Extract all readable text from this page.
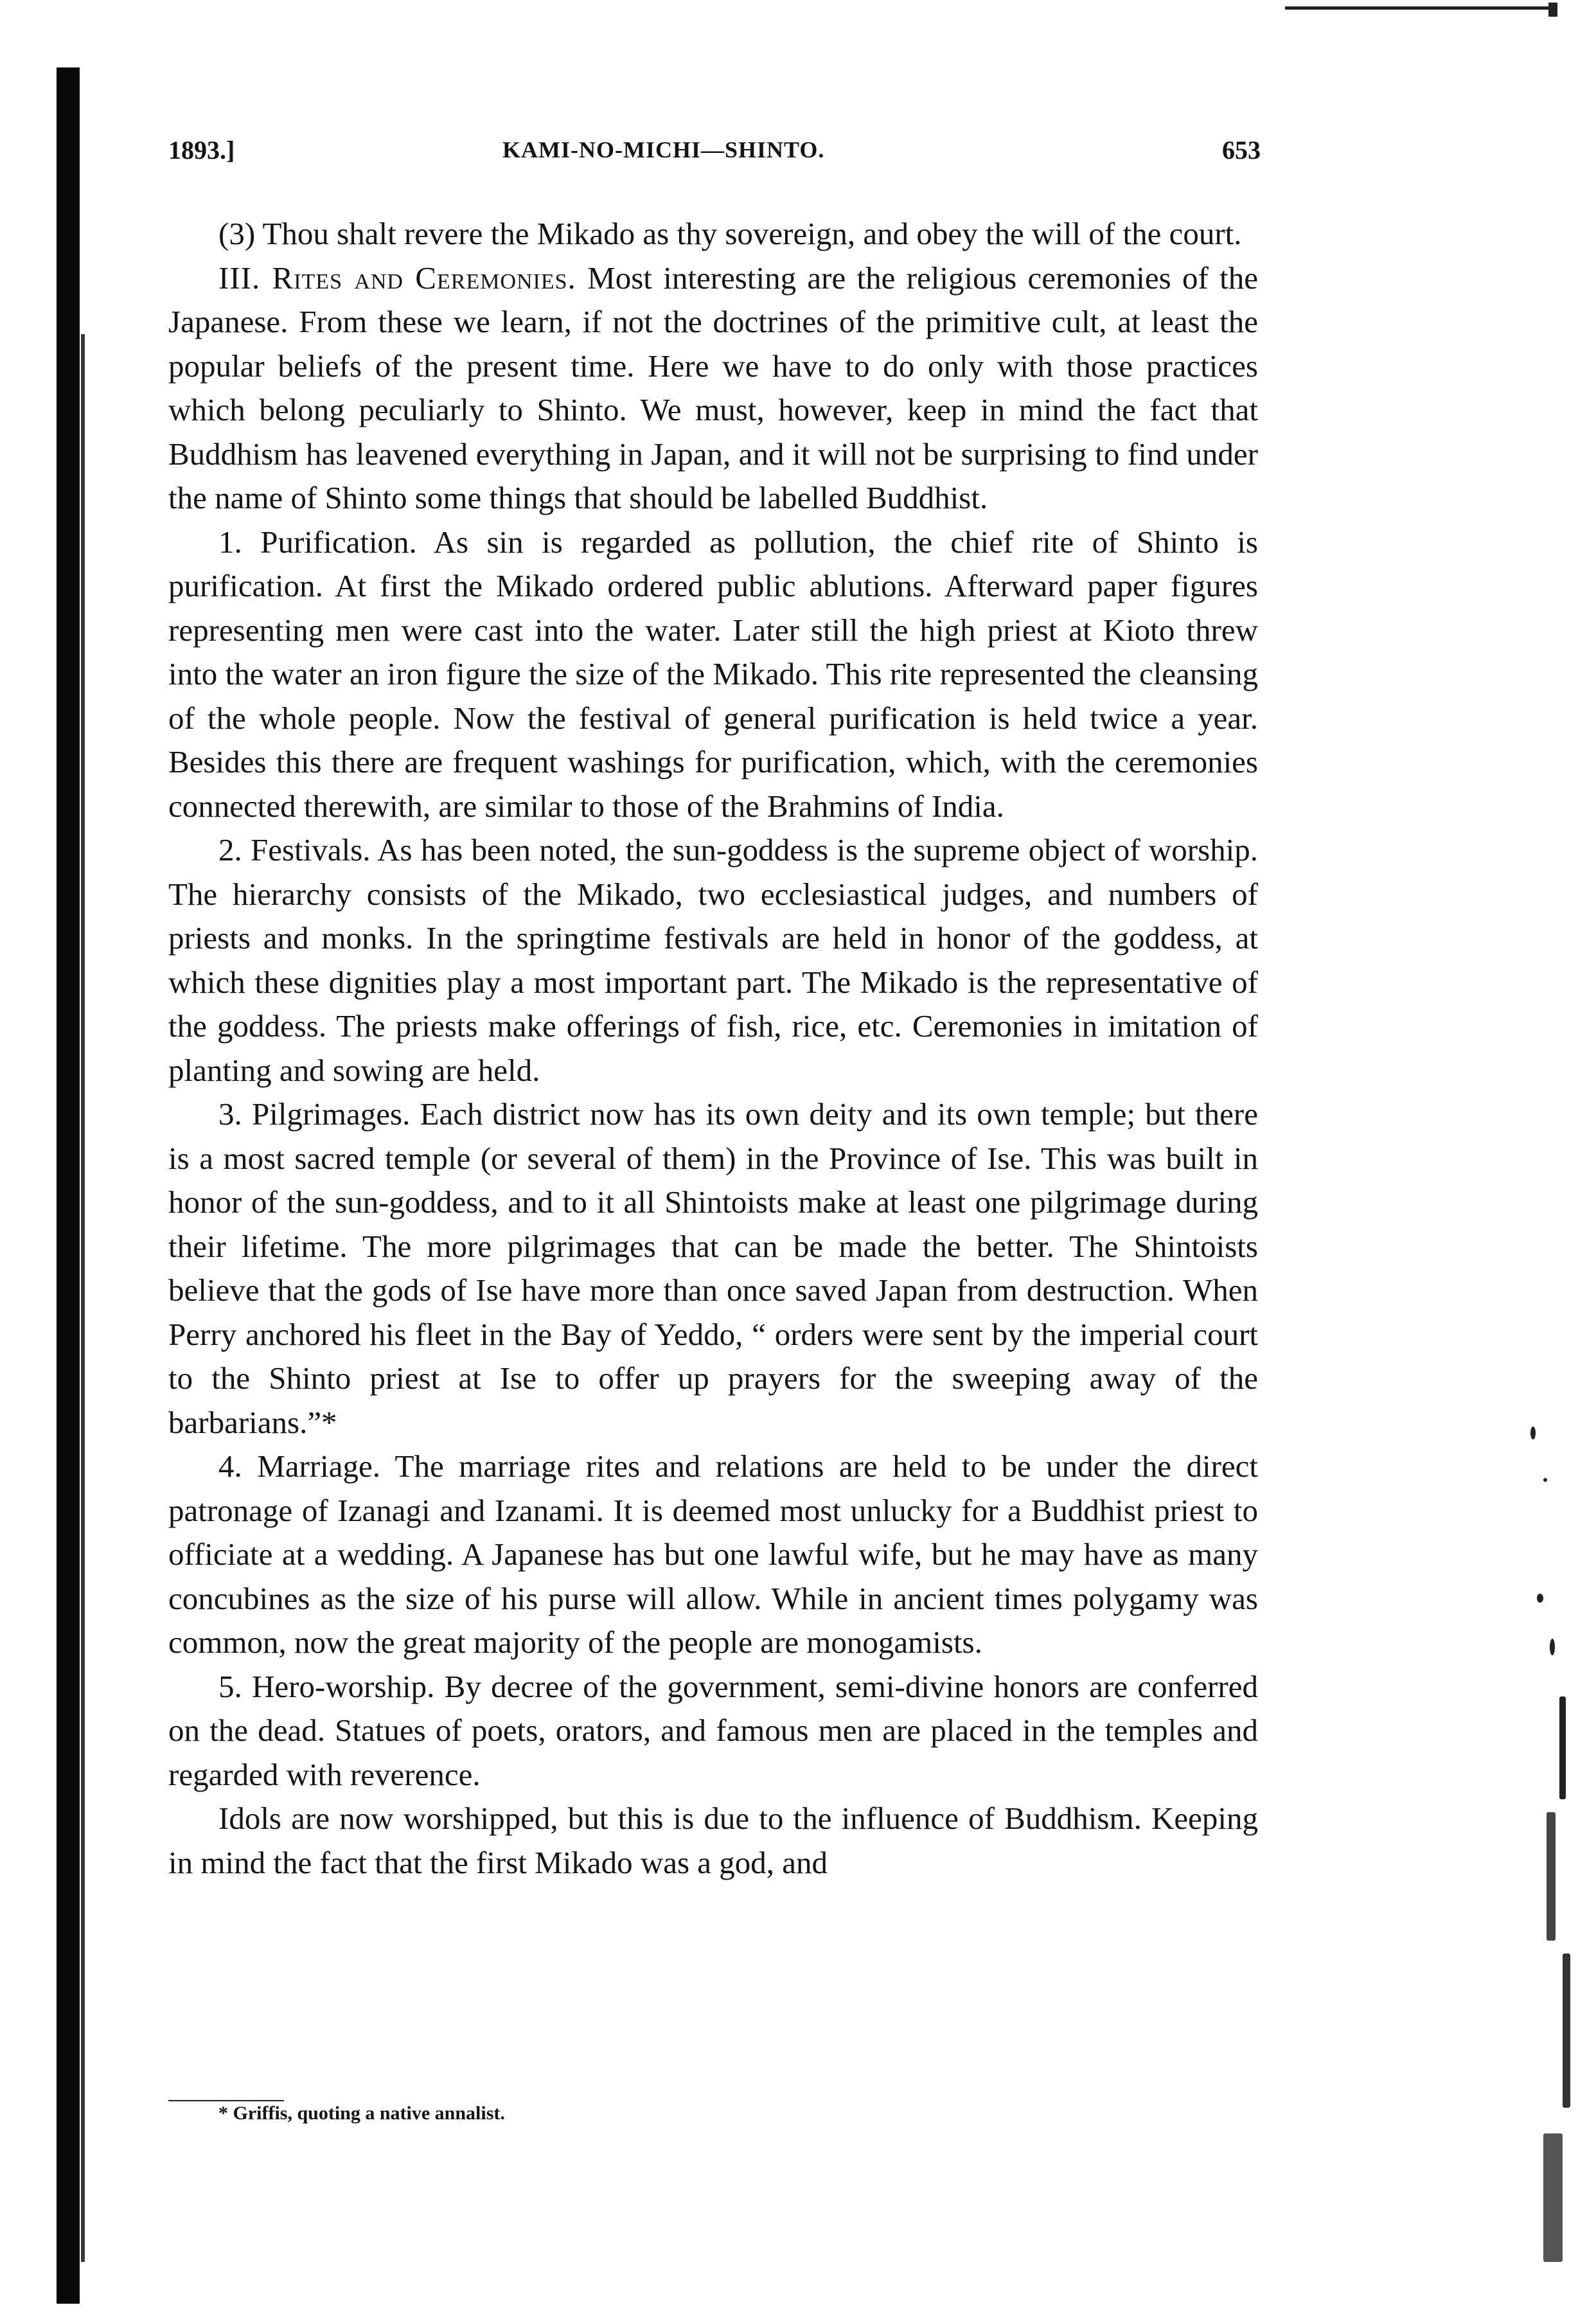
1893.]	KAMI-NO-MICHI—SHINTO.	653

(3) Thou shalt revere the Mikado as thy sovereign, and obey the will of the court.

III. Rites and Ceremonies. Most interesting are the religious ceremonies of the Japanese. From these we learn, if not the doctrines of the primitive cult, at least the popular beliefs of the present time. Here we have to do only with those practices which belong peculiarly to Shinto. We must, however, keep in mind the fact that Buddhism has leavened everything in Japan, and it will not be surprising to find under the name of Shinto some things that should be labelled Buddhist.

1. Purification. As sin is regarded as pollution, the chief rite of Shinto is purification. At first the Mikado ordered public ablutions. Afterward paper figures representing men were cast into the water. Later still the high priest at Kioto threw into the water an iron figure the size of the Mikado. This rite represented the cleansing of the whole people. Now the festival of general purification is held twice a year. Besides this there are frequent washings for purification, which, with the ceremonies connected therewith, are similar to those of the Brahmins of India.

2. Festivals. As has been noted, the sun-goddess is the supreme object of worship. The hierarchy consists of the Mikado, two ecclesiastical judges, and numbers of priests and monks. In the springtime festivals are held in honor of the goddess, at which these dignities play a most important part. The Mikado is the representative of the goddess. The priests make offerings of fish, rice, etc. Ceremonies in imitation of planting and sowing are held.

3. Pilgrimages. Each district now has its own deity and its own temple; but there is a most sacred temple (or several of them) in the Province of Ise. This was built in honor of the sun-goddess, and to it all Shintoists make at least one pilgrimage during their lifetime. The more pilgrimages that can be made the better. The Shintoists believe that the gods of Ise have more than once saved Japan from destruction. When Perry anchored his fleet in the Bay of Yeddo, “ orders were sent by the imperial court to the Shinto priest at Ise to offer up prayers for the sweeping away of the barbarians.”*

4. Marriage. The marriage rites and relations are held to be under the direct patronage of Izanagi and Izanami. It is deemed most unlucky for a Buddhist priest to officiate at a wedding. A Japanese has but one lawful wife, but he may have as many concubines as the size of his purse will allow. While in ancient times polygamy was common, now the great majority of the people are monogamists.

5. Hero-worship. By decree of the government, semi-divine honors are conferred on the dead. Statues of poets, orators, and famous men are placed in the temples and regarded with reverence.

Idols are now worshipped, but this is due to the influence of Buddhism. Keeping in mind the fact that the first Mikado was a god, and

* Griffis, quoting a native annalist.
